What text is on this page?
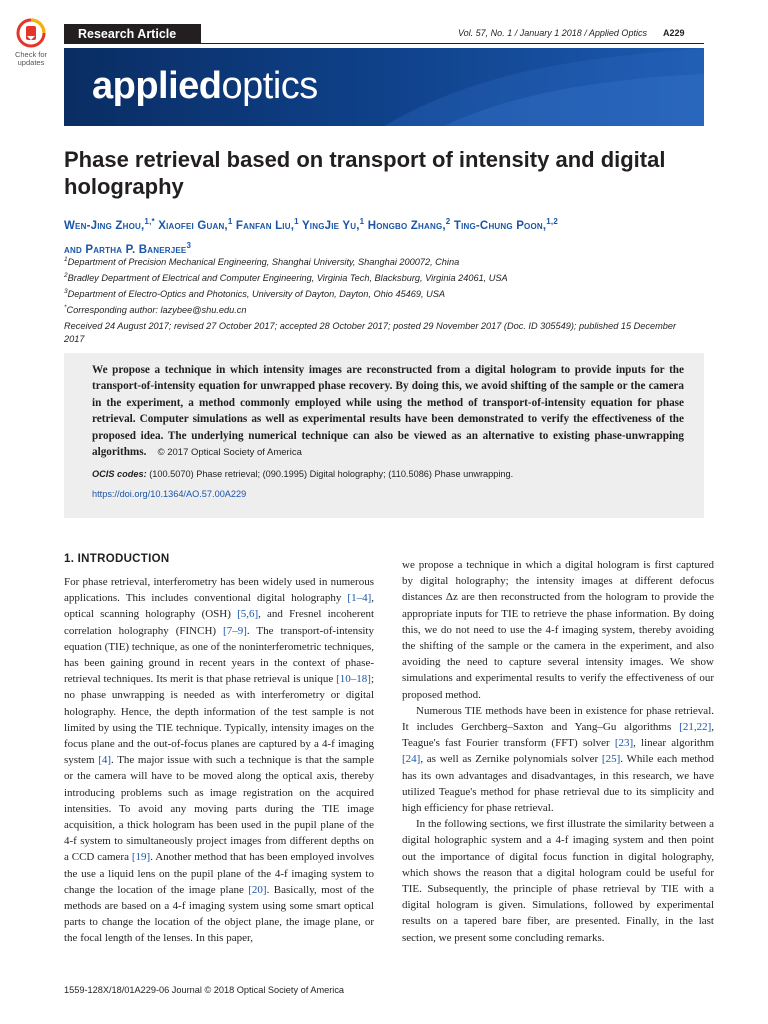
Check for
updates
Research Article	Vol. 57, No. 1 / January 1 2018 / Applied Optics A229
appliedoptics
Phase retrieval based on transport of intensity and digital holography
Wen-Jing Zhou,$^{1,*}$ Xiaofei Guan,$^1$ Fanfan Liu,$^1$ YingJie Yu,$^1$ Hongbo Zhang,$^2$ Ting-Chung Poon,$^{1,2}$
and Partha P. Banerjee$^3$
$^1$Department of Precision Mechanical Engineering, Shanghai University, Shanghai 200072, China
$^2$Bradley Department of Electrical and Computer Engineering, Virginia Tech, Blacksburg, Virginia 24061, USA
$^3$Department of Electro-Optics and Photonics, University of Dayton, Dayton, Ohio 45469, USA
*Corresponding author: lazybee@shu.edu.cn
Received 24 August 2017; revised 27 October 2017; accepted 28 October 2017; posted 29 November 2017 (Doc. ID 305549); published 15 December 2017
We propose a technique in which intensity images are reconstructed from a digital hologram to provide inputs for the transport-of-intensity equation for unwrapped phase recovery. By doing this, we avoid shifting of the sample or the camera in the experiment, a method commonly employed while using the method of transport-of-intensity equation for phase retrieval. Computer simulations as well as experimental results have been demonstrated to verify the effectiveness of the proposed idea. The underlying numerical technique can also be viewed as an alternative to existing phase-unwrapping algorithms. © 2017 Optical Society of America
OCIS codes: (100.5070) Phase retrieval; (090.1995) Digital holography; (110.5086) Phase unwrapping.
https://doi.org/10.1364/AO.57.00A229
1. INTRODUCTION

For phase retrieval, interferometry has been widely used in numerous applications. This includes conventional digital holography [1–4], optical scanning holography (OSH) [5,6], and Fresnel incoherent correlation holography (FINCH) [7–9]. The transport-of-intensity equation (TIE) technique, as one of the noninterferometric techniques, has been gaining ground in recent years in the context of phase-retrieval techniques. Its merit is that phase retrieval is unique [10–18]; no phase unwrapping is needed as with interferometry or digital holography. Hence, the depth information of the test sample is not limited by using the TIE technique. Typically, intensity images on the focus plane and the out-of-focus planes are captured by a 4-f imaging system [4]. The major issue with such a technique is that the sample or the camera will have to be moved along the optical axis, thereby introducing problems such as image registration on the acquired intensities. To avoid any moving parts during the TIE image acquisition, a thick hologram has been used in the pupil plane of the 4-f system to simultaneously project images from different depths on a CCD camera [19]. Another method that has been employed involves the use a liquid lens on the pupil plane of the 4-f imaging system to change the location of the image plane [20]. Basically, most of the methods are based on a 4-f imaging system using some smart optical parts to change the location of the object plane, the image plane, or the focal length of the lenses. In this paper,

we propose a technique in which a digital hologram is first captured by digital holography; the intensity images at different defocus distances Δz are then reconstructed from the hologram to provide the appropriate inputs for TIE to retrieve the phase information. By doing this, we do not need to use the 4-f imaging system, thereby avoiding the shifting of the sample or the camera in the experiment, and also avoiding the need to capture several intensity images. We show simulations and experimental results to verify the effectiveness of our proposed method.

Numerous TIE methods have been in existence for phase retrieval. It includes Gerchberg–Saxton and Yang–Gu algorithms [21,22], Teague's fast Fourier transform (FFT) solver [23], linear algorithm [24], as well as Zernike polynomials solver [25]. While each method has its own advantages and disadvantages, in this research, we have utilized Teague's method for phase retrieval due to its simplicity and high efficiency for phase retrieval.

In the following sections, we first illustrate the similarity between a digital holographic system and a 4-f imaging system and then point out the importance of digital focus function in digital holography, which shows the reason that a digital hologram could be useful for TIE. Subsequently, the principle of phase retrieval by TIE with a digital hologram is given. Simulations, followed by experimental results on a tapered bare fiber, are presented. Finally, in the last section, we present some concluding remarks.

1559-128X/18/01A229-06 Journal © 2018 Optical Society of America
